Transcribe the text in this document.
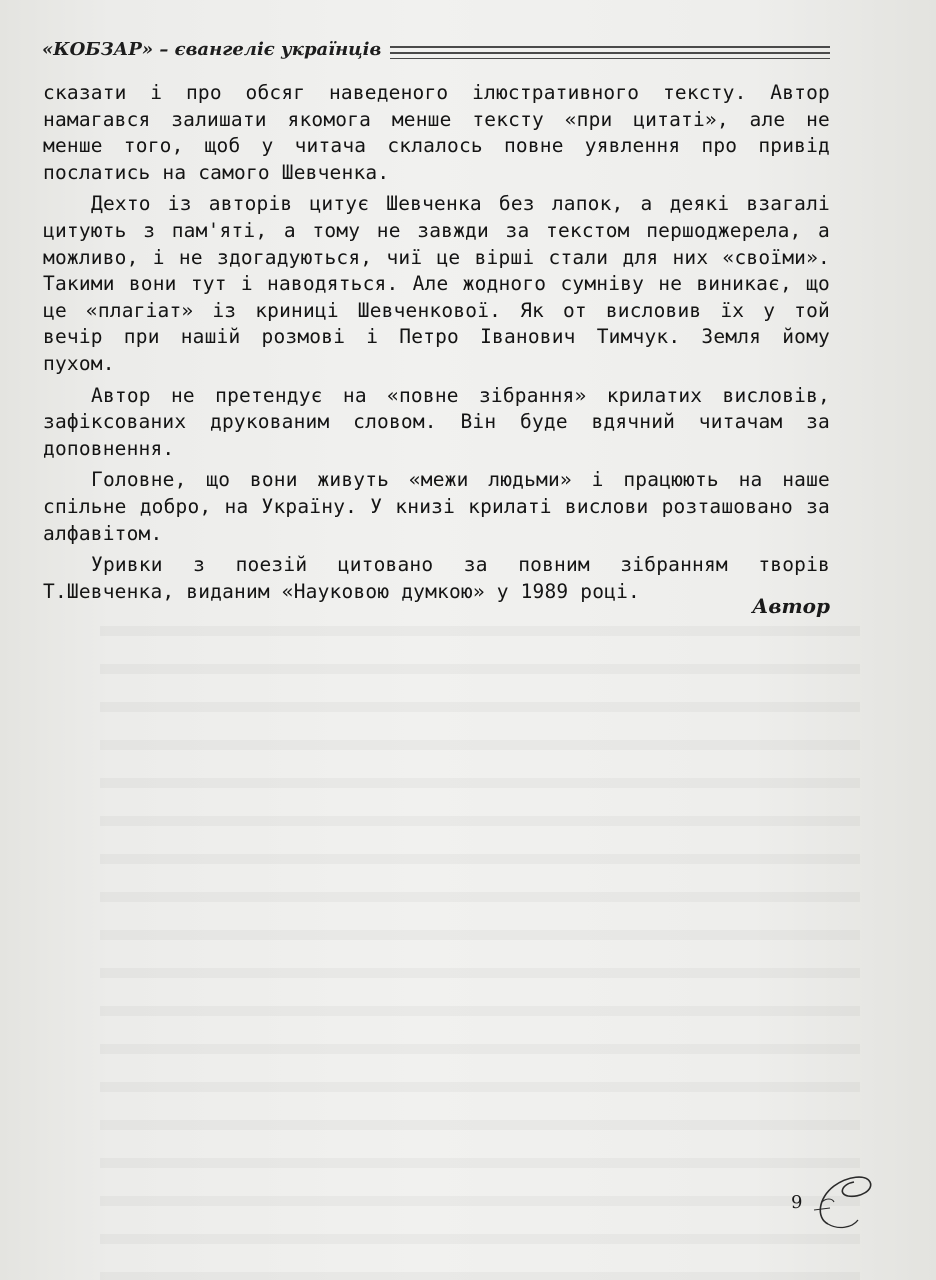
«КОБЗАР» – євангеліє українців

сказати і про обсяг наведеного ілюстративного тексту. Автор намагався залишати якомога менше тексту «при цитаті», але не менше того, щоб у читача склалось повне уявлення про привід послатись на самого Шевченка.

Дехто із авторів цитує Шевченка без лапок, а деякі взагалі цитують з пам'яті, а тому не завжди за текстом першоджерела, а можливо, і не здогадуються, чиї це вірші стали для них «своїми». Такими вони тут і наводяться. Але жодного сумніву не виникає, що це «плагіат» із криниці Шевченкової. Як от висловив їх у той вечір при нашій розмові і Петро Іванович Тимчук. Земля йому пухом.

Автор не претендує на «повне зібрання» крилатих висловів, зафіксованих друкованим словом. Він буде вдячний читачам за доповнення.

Головне, що вони живуть «межи людьми» і працюють на наше спільне добро, на Україну. У книзі крилаті вислови розташовано за алфавітом.

Уривки з поезій цитовано за повним зібранням творів Т.Шевченка, виданим «Науковою думкою» у 1989 році.

Автор
9
